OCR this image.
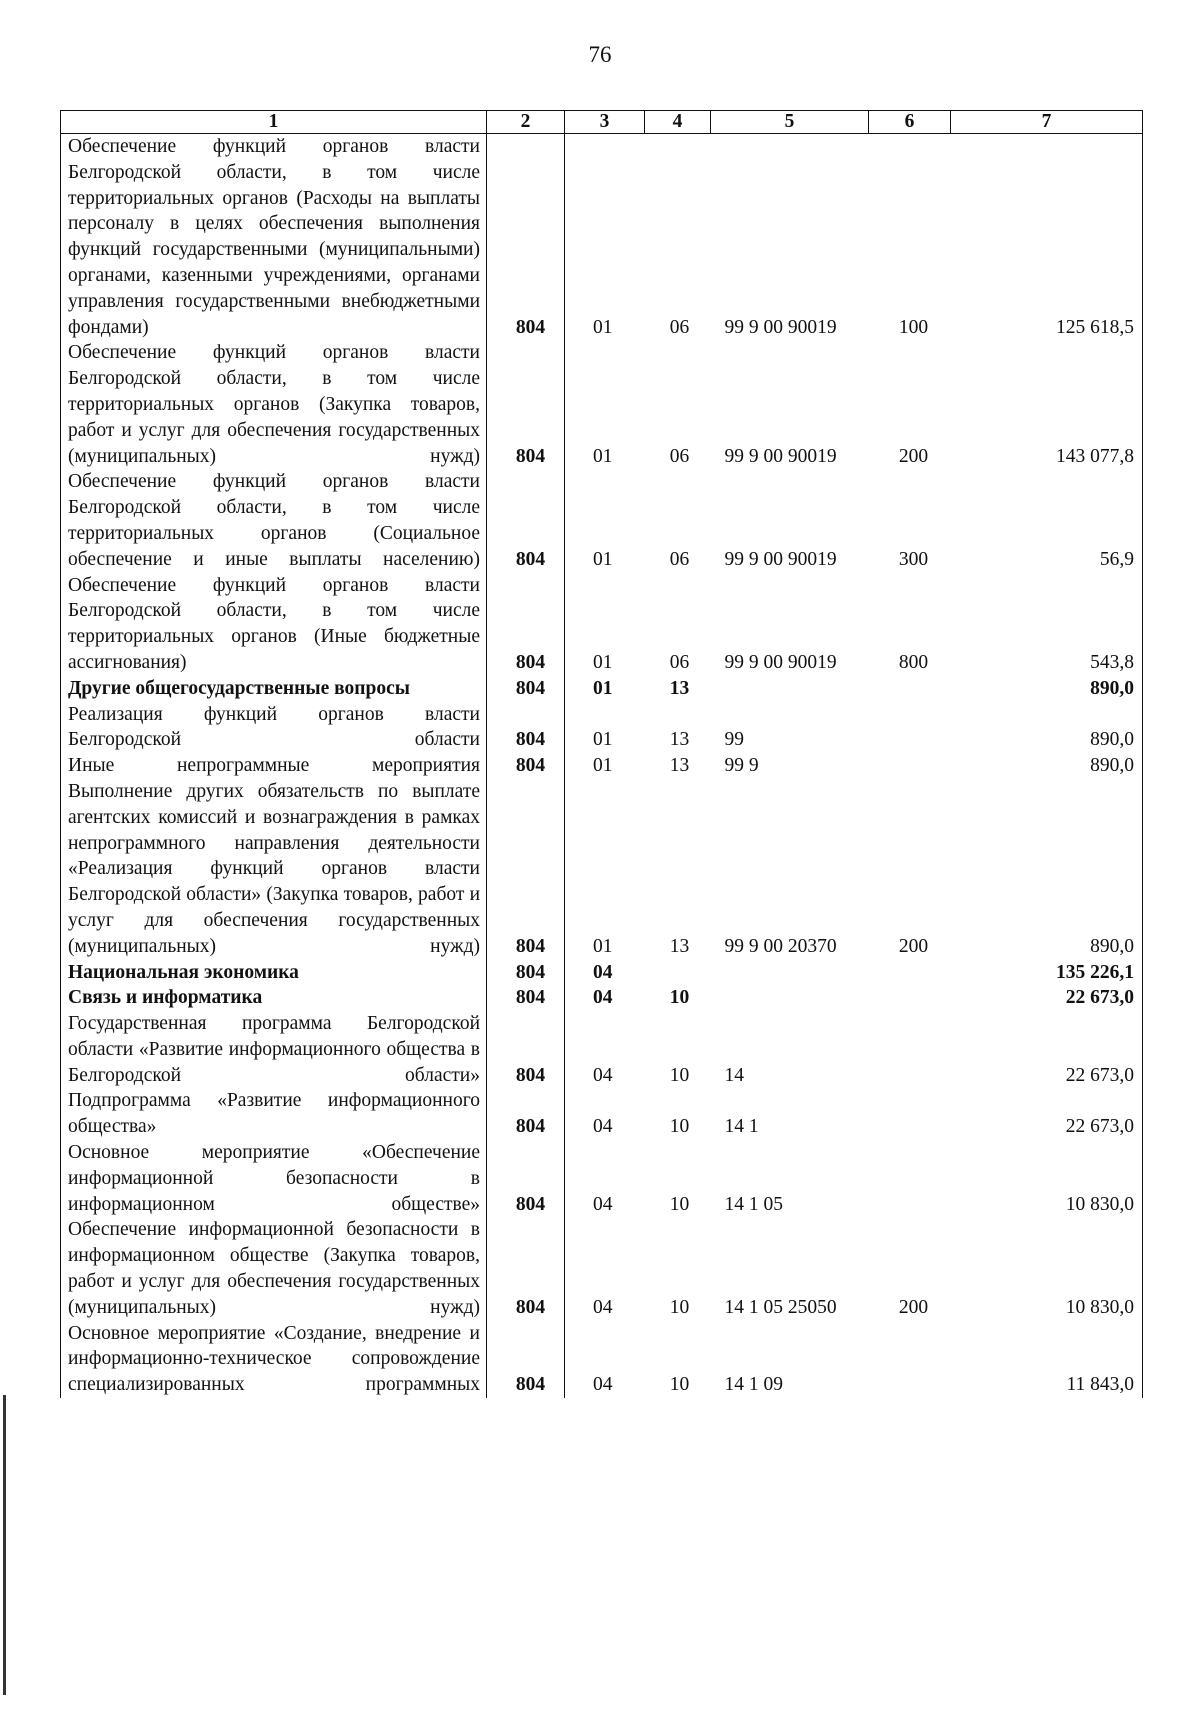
76
1	2	3	4	5	6	7
Обеспечение функций органов власти Белгородской области, в том числе территориальных органов (Расходы на выплаты персоналу в целях обеспечения выполнения функций государственными (муниципальными) органами, казенными учреждениями, органами управления государственными внебюджетными фондами)	804	01	06	99 9 00 90019	100	125 618,5
Обеспечение функций органов власти Белгородской области, в том числе территориальных органов (Закупка товаров, работ и услуг для обеспечения государственных (муниципальных) нужд)	804	01	06	99 9 00 90019	200	143 077,8
Обеспечение функций органов власти Белгородской области, в том числе территориальных органов (Социальное обеспечение и иные выплаты населению)	804	01	06	99 9 00 90019	300	56,9
Обеспечение функций органов власти Белгородской области, в том числе территориальных органов (Иные бюджетные ассигнования)	804	01	06	99 9 00 90019	800	543,8
Другие общегосударственные вопросы	804	01	13			890,0
Реализация функций органов власти Белгородской области	804	01	13	99		890,0
Иные непрограммные мероприятия	804	01	13	99 9		890,0
Выполнение других обязательств по выплате агентских комиссий и вознаграждения в рамках непрограммного направления деятельности «Реализация функций органов власти Белгородской области» (Закупка товаров, работ и услуг для обеспечения государственных (муниципальных) нужд)	804	01	13	99 9 00 20370	200	890,0
Национальная экономика	804	04				135 226,1
Связь и информатика	804	04	10			22 673,0
Государственная программа Белгородской области «Развитие информационного общества в Белгородской области»	804	04	10	14		22 673,0
Подпрограмма «Развитие информационного общества»	804	04	10	14 1		22 673,0
Основное мероприятие «Обеспечение информационной безопасности в информационном обществе»	804	04	10	14 1 05		10 830,0
Обеспечение информационной безопасности в информационном обществе (Закупка товаров, работ и услуг для обеспечения государственных (муниципальных) нужд)	804	04	10	14 1 05 25050	200	10 830,0
Основное мероприятие «Создание, внедрение и информационно-техническое сопровождение специализированных программных	804	04	10	14 1 09		11 843,0
